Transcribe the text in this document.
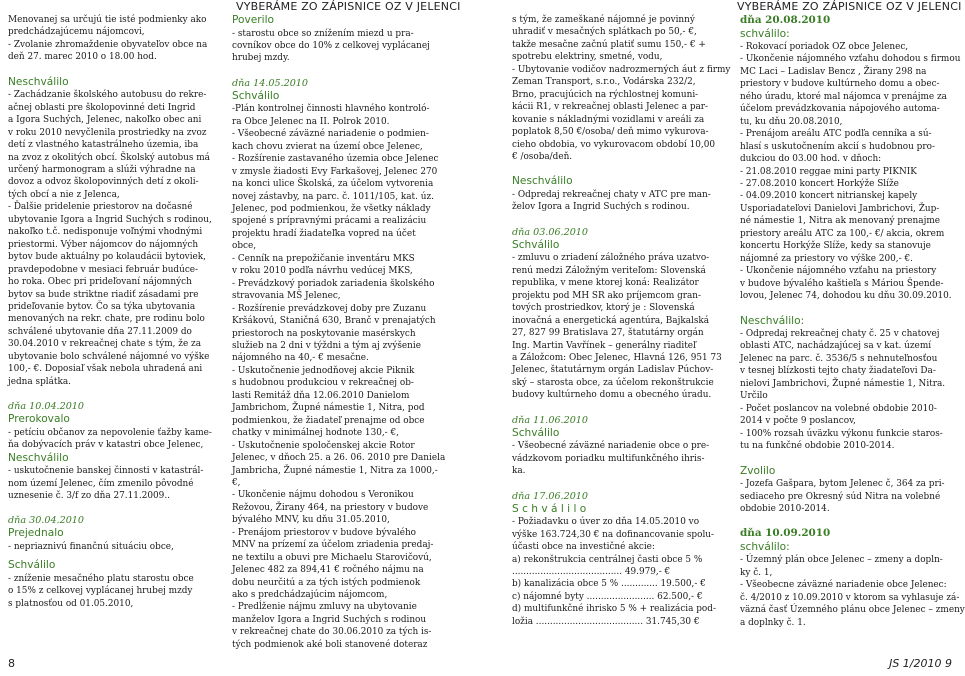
VYBERÁME ZO ZÁPISNICE OZ V JELENCI	VYBERÁME ZO ZÁPISNICE OZ V JELENCI

Menovanej sa určujú tie isté podmienky ako

predchádzajúcemu nájomcovi,

- Zvolanie zhromaždenie obyvateľov obce na

deň 27. marec 2010 o 18.00 hod.

Neschválilo

- Zachádzanie školského autobusu do rekre-

ačnej oblasti pre školopovinné deti Ingrid

a Igora Suchých, Jelenec, nakoľko obec ani

v roku 2010 nevyčlenila prostriedky na zvoz

detí z vlastného katastrálneho územia, iba

na zvoz z okolitých obcí. Školský autobus má

určený harmonogram a slúži výhradne na

dovoz a odvoz školopovinných detí z okoli-

tých obcí a nie z Jelenca,

- Ďalšie pridelenie priestorov na dočasné

ubytovanie Igora a Ingrid Suchých s rodinou,

nakoľko t.č. nedisponuje voľnými vhodnými

priestormi. Výber nájomcov do nájomných

bytov bude aktuálny po kolaudácii bytoviek,

pravdepodobne v mesiaci február budúce-

ho roka. Obec pri prideľovaní nájomných

bytov sa bude striktne riadiť zásadami pre

prideľovanie bytov. Čo sa týka ubytovania

menovaných na rekr. chate, pre rodinu bolo

schválené ubytovanie dňa 27.11.2009 do

30.04.2010 v rekreačnej chate s tým, že za

ubytovanie bolo schválené nájomné vo výške

100,- €. Doposiaľ však nebola uhradená ani

jedna splátka.

dňa 10.04.2010

Prerokovalo

- petíciu občanov za nepovolenie ťažby kame-

ňa dobývacích práv v katastri obce Jelenec,

Neschválilo

- uskutočnenie banskej činnosti v katastrál-

nom území Jelenec, čím zmenilo pôvodné

uznesenie č. 3/f zo dňa 27.11.2009..

dňa 30.04.2010

Prejednalo

- nepriaznivú finančnú situáciu obce,

Schválilo

- zníženie mesačného platu starostu obce

o 15% z celkovej vyplácanej hrubej mzdy

s platnosťou od 01.05.2010,

Poverilo

- starostu obce so znížením miezd u pra-

covníkov obce do 10% z celkovej vyplácanej

hrubej mzdy.

dňa 14.05.2010

Schválilo

-Plán kontrolnej činnosti hlavného kontroló-

ra Obce Jelenec na II. Polrok 2010.

- Všeobecné záväzné nariadenie o podmien-

kach chovu zvierat na území obce Jelenec,

- Rozšírenie zastavaného územia obce Jelenec

v zmysle žiadosti Evy Farkašovej, Jelenec 270

na konci ulice Školská, za účelom vytvorenia

novej zástavby, na parc. č. 1011/105, kat. úz.

Jelenec, pod podmienkou, že všetky náklady

spojené s prípravnými prácami a realizáciu

projektu hradí žiadateľka vopred na účet

obce,

- Cenník na prepožičanie inventáru MKS

v roku 2010 podľa návrhu vedúcej MKS,

- Prevádzkový poriadok zariadenia školského

stravovania MŠ Jelenec,

- Rozšírenie prevádzkovej doby pre Zuzanu

Kršákovú, Staničná 630, Branč v prenajatých

priestoroch na poskytovanie masérskych

služieb na 2 dni v týždni a tým aj zvýšenie

nájomného na 40,- € mesačne.

- Uskutočnenie jednodňovej akcie Piknik

s hudobnou produkciou v rekreačnej ob-

lasti Remitáž dňa 12.06.2010 Danielom

Jambrichom, Župné námestie 1, Nitra, pod

podmienkou, že žiadateľ prenajme od obce

chatky v minimálnej hodnote 130,- €,

- Uskutočnenie spoločenskej akcie Rotor

Jelenec, v dňoch 25. a 26. 06. 2010 pre Daniela

Jambricha, Župné námestie 1, Nitra za 1000,-

€,

- Ukončenie nájmu dohodou s Veronikou

Režovou, Žirany 464, na priestory v budove

bývalého MNV, ku dňu 31.05.2010,

- Prenájom priestorov v budove bývalého

MNV na prízemí za účelom zriadenia predaj-

ne textilu a obuvi pre Michaelu Starovičovú,

Jelenec 482 za 894,41 € ročného nájmu na

dobu neurčitú a za tých istých podmienok

ako s predchádzajúcim nájomcom,

- Predĺženie nájmu zmluvy na ubytovanie

manželov Igora a Ingrid Suchých s rodinou

v rekreačnej chate do 30.06.2010 za tých is-

tých podmienok aké boli stanovené doteraz

s tým, že zameškané nájomné je povinný

uhradiť v mesačných splátkach po 50,- €,

takže mesačne začnú platiť sumu 150,- € +

spotrebu elektriny, smetné, vodu,

- Ubytovanie vodičov nadrozmerných áut z firmy

Zeman Transport, s.r.o., Vodárska 232/2,

Brno, pracujúcich na rýchlostnej komuni-

kácii R1, v rekreačnej oblasti Jelenec a par-

kovanie s nákladnými vozidlami v areáli za

poplatok 8,50 €/osoba/ deň mimo vykurova-

cieho obdobia, vo vykurovacom období 10,00

€ /osoba/deň.

Neschválilo

- Odpredaj rekreačnej chaty v ATC pre man-

želov Igora a Ingrid Suchých s rodinou.

dňa 03.06.2010

Schválilo

- zmluvu o zriadení záložného práva uzatvo-

renú medzi Záložným veriteľom: Slovenská

republika, v mene ktorej koná: Realizátor

projektu pod MH SR ako príjemcom gran-

tových prostriedkov, ktorý je : Slovenská

inovačná a energetická agentúra, Bajkalská

27, 827 99 Bratislava 27, štatutárny orgán

Ing. Martin Vavřínek – generálny riaditeľ

a Záložcom: Obec Jelenec, Hlavná 126, 951 73

Jelenec, štatutárnym orgán Ladislav Púchov-

ský – starosta obce, za účelom rekonštrukcie

budovy kultúrneho domu a obecného úradu.

dňa 11.06.2010

Schválilo

- Všeobecné záväzné nariadenie obce o pre-

vádzkovom poriadku multifunkčného ihris-

ka.

dňa 17.06.2010

S c h v á l i l o

- Požiadavku o úver zo dňa 14.05.2010 vo

výške 163.724,30 € na dofinancovanie spolu-

účasti obce na investičné akcie:

a) rekonštrukcia centrálnej časti obce 5 %

....................................... 49.979,- €

b) kanalizácia obce 5 % ............. 19.500,- €

c) nájomné byty ........................ 62.500,- €

d) multifunkčné ihrisko 5 % + realizácia pod-

ložia ...................................... 31.745,30 €

dňa 20.08.2010

schválilo:

- Rokovací poriadok OZ obce Jelenec,

- Ukončenie nájomného vzťahu dohodou s firmou

MC Laci – Ladislav Bencz , Žirany 298 na

priestory v budove kultúrneho domu a obec-

ného úradu, ktoré mal nájomca v prenájme za

účelom prevádzkovania nápojového automa-

tu, ku dňu 20.08.2010,

- Prenájom areálu ATC podľa cenníka a sú-

hlasí s uskutočnením akcií s hudobnou pro-

dukciou do 03.00 hod. v dňoch:

- 21.08.2010 reggae mini party PIKNIK

- 27.08.2010 koncert Horkýže Slíže

- 04.09.2010 koncert nitrianskej kapely

Usporiadateľovi Danielovi Jambrichovi, Žup-

né námestie 1, Nitra ak menovaný prenajme

priestory areálu ATC za 100,- €/ akcia, okrem

koncertu Horkýže Slíže, kedy sa stanovuje

nájomné za priestory vo výške 200,- €.

- Ukončenie nájomného vzťahu na priestory

v budove bývalého kaštieľa s Máriou Špende-

lovou, Jelenec 74, dohodou ku dňu 30.09.2010.

Neschválilo:

- Odpredaj rekreačnej chaty č. 25 v chatovej

oblasti ATC, nachádzajúcej sa v kat. území

Jelenec na parc. č. 3536/5 s nehnuteľnosťou

v tesnej blízkosti tejto chaty žiadateľovi Da-

nielovi Jambrichovi, Župné námestie 1, Nitra.

Určilo

- Počet poslancov na volebné obdobie 2010-

2014 v počte 9 poslancov,

- 100% rozsah úväzku výkonu funkcie staros-

tu na funkčné obdobie 2010-2014.

Zvolilo

- Jozefa Gašpara, bytom Jelenec č, 364 za pri-

sediaceho pre Okresný súd Nitra na volebné

obdobie 2010-2014.

dňa 10.09.2010

schválilo:

- Územný plán obce Jelenec – zmeny a dopln-

ky č. 1,

- Všeobecne záväzné nariadenie obce Jelenec:

č. 4/2010 z 10.09.2010 v ktorom sa vyhlasuje zá-

väzná časť Územného plánu obce Jelenec – zmeny

a doplnky č. 1.

8	JS 1/2010 9
